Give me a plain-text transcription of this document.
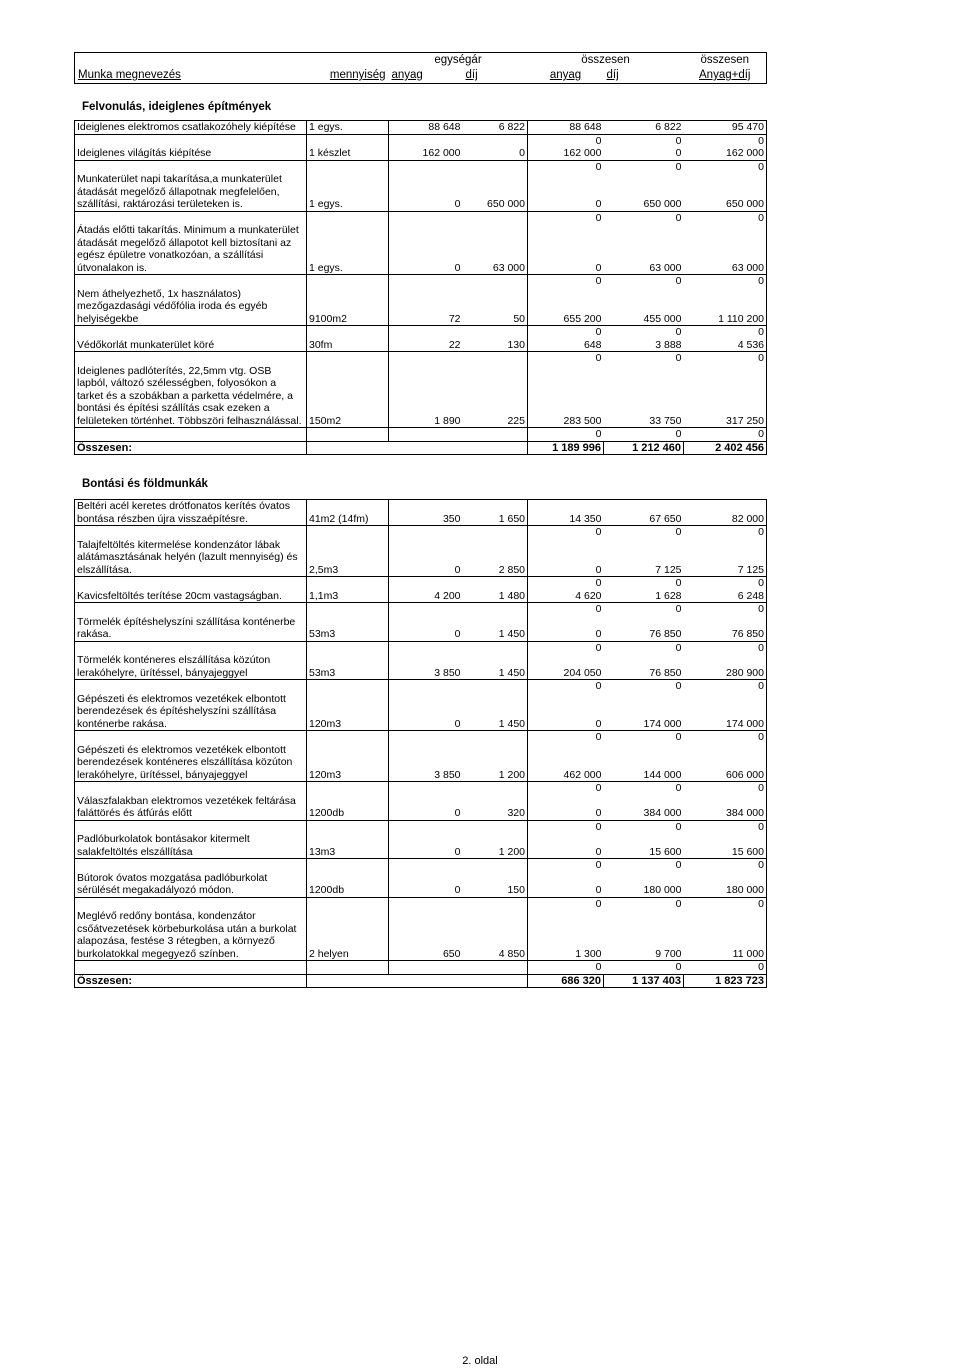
		egységár		összesen		összesen
Munka megnevezés	mennyiség	anyag	díj	anyag	díj	Anyag+díj
Felvonulás, ideiglenes építmények
Ideiglenes elektromos csatlakozóhely kiépítése	1 egys.	88 648	6 822	88 648	6 822	95 470
				0	0	0
Ideiglenes világítás kiépítése	1 készlet	162 000	0	162 000	0	162 000
				0	0	0
Munkaterület napi takarítása,a munkaterület átadását megelőző állapotnak megfelelően, szállítási, raktározási területeken is.	1 egys.	0	650 000	0	650 000	650 000
				0	0	0
Átadás előtti takarítás. Minimum a munkaterület átadását megelőző állapotot kell biztosítani az egész épületre vonatkozóan, a szállítási útvonalakon is.	1 egys.	0	63 000	0	63 000	63 000
				0	0	0
Nem áthelyezhető, 1x használatos) mezőgazdasági védőfólia iroda és egyéb helyiségekbe	9100m2	72	50	655 200	455 000	1 110 200
				0	0	0
Védőkorlát munkaterület köré	30fm	22	130	648	3 888	4 536
				0	0	0
Ideiglenes padlóterítés, 22,5mm vtg. OSB lapból, változó szélességben, folyosókon a tarket és a szobákban a parketta védelmére, a bontási és építési szállítás csak ezeken a felületeken történhet. Többszöri felhasználással.	150m2	1 890	225	283 500	33 750	317 250
				0	0	0
Összesen:				1 189 996	1 212 460	2 402 456
Bontási és földmunkák
Beltéri acél keretes drótfonatos kerítés óvatos bontása részben újra visszaépítésre.	41m2 (14fm)	350	1 650	14 350	67 650	82 000
				0	0	0
Talajfeltöltés kitermelése kondenzátor lábak alátámasztásának helyén (lazult mennyiség) és elszállítása.	2,5m3	0	2 850	0	7 125	7 125
				0	0	0
Kavicsfeltöltés terítése 20cm vastagságban.	1,1m3	4 200	1 480	4 620	1 628	6 248
				0	0	0
Törmelék építéshelyszíni szállítása konténerbe rakása.	53m3	0	1 450	0	76 850	76 850
				0	0	0
Törmelék konténeres elszállítása közúton lerakóhelyre, ürítéssel, bányajeggyel	53m3	3 850	1 450	204 050	76 850	280 900
				0	0	0
Gépészeti és elektromos vezetékek elbontott berendezések és építéshelyszíni szállítása konténerbe rakása.	120m3	0	1 450	0	174 000	174 000
				0	0	0
Gépészeti és elektromos vezetékek elbontott berendezések konténeres elszállítása közúton lerakóhelyre, ürítéssel, bányajeggyel	120m3	3 850	1 200	462 000	144 000	606 000
				0	0	0
Válaszfalakban elektromos vezetékek feltárása faláttörés és átfúrás előtt	1200db	0	320	0	384 000	384 000
				0	0	0
Padlóburkolatok bontásakor kitermelt salakfeltöltés elszállítása	13m3	0	1 200	0	15 600	15 600
				0	0	0
Bútorok óvatos mozgatása padlóburkolat sérülését megakadályozó módon.	1200db	0	150	0	180 000	180 000
				0	0	0
Meglévő redőny bontása, kondenzátor csőátvezetések körbeburkolása után a burkolat alapozása, festése 3 rétegben, a környező burkolatokkal megegyező színben.	2 helyen	650	4 850	1 300	9 700	11 000
				0	0	0
Összesen:				686 320	1 137 403	1 823 723
2. oldal
